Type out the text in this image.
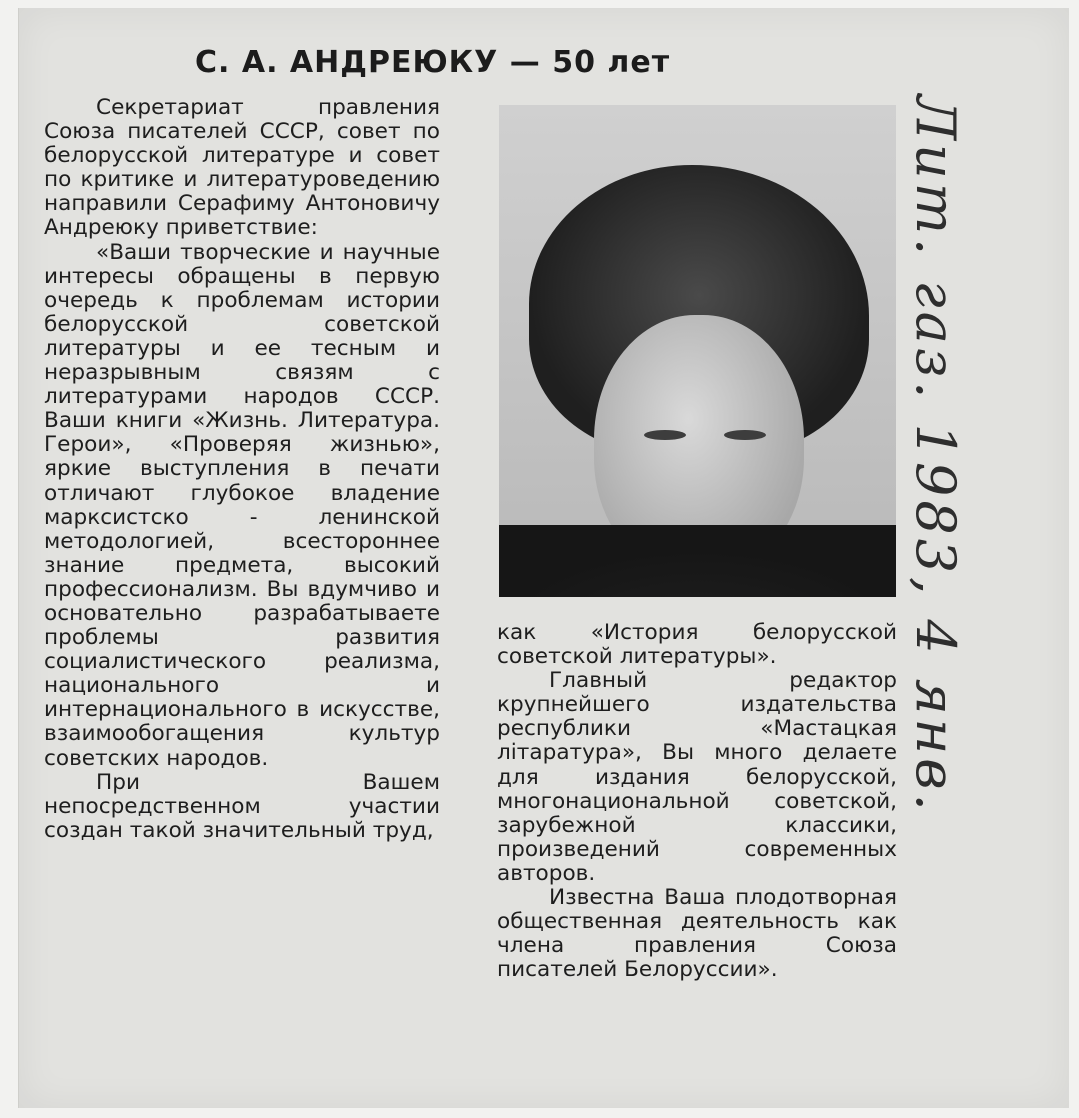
С. А. АНДРЕЮКУ — 50 лет

Секретариат правления Союза писателей СССР, совет по белорусской литературе и совет по критике и литературоведению направили Серафиму Антоновичу Андреюку приветствие:

«Ваши творческие и научные интересы обращены в первую очередь к проблемам истории белорусской советской литературы и ее тесным и неразрывным связям с литературами народов СССР. Ваши книги «Жизнь. Литература. Герои», «Проверяя жизнью», яркие выступления в печати отличают глубокое владение марксистско - ленинской методологией, всестороннее знание предмета, высокий профессионализм. Вы вдумчиво и основательно разрабатываете проблемы развития социалистического реализма, национального и интернационального в искусстве, взаимообогащения культур советских народов.

При Вашем непосредственном участии создан такой значительный труд,

как «История белорусской советской литературы».

Главный редактор крупнейшего издательства республики «Мастацкая літаратура», Вы много делаете для издания белорусской, многонациональной советской, зарубежной классики, произведений современных авторов.

Известна Ваша плодотворная общественная деятельность как члена правления Союза писателей Белоруссии».

Лит. газ. 1983, 4 янв.
